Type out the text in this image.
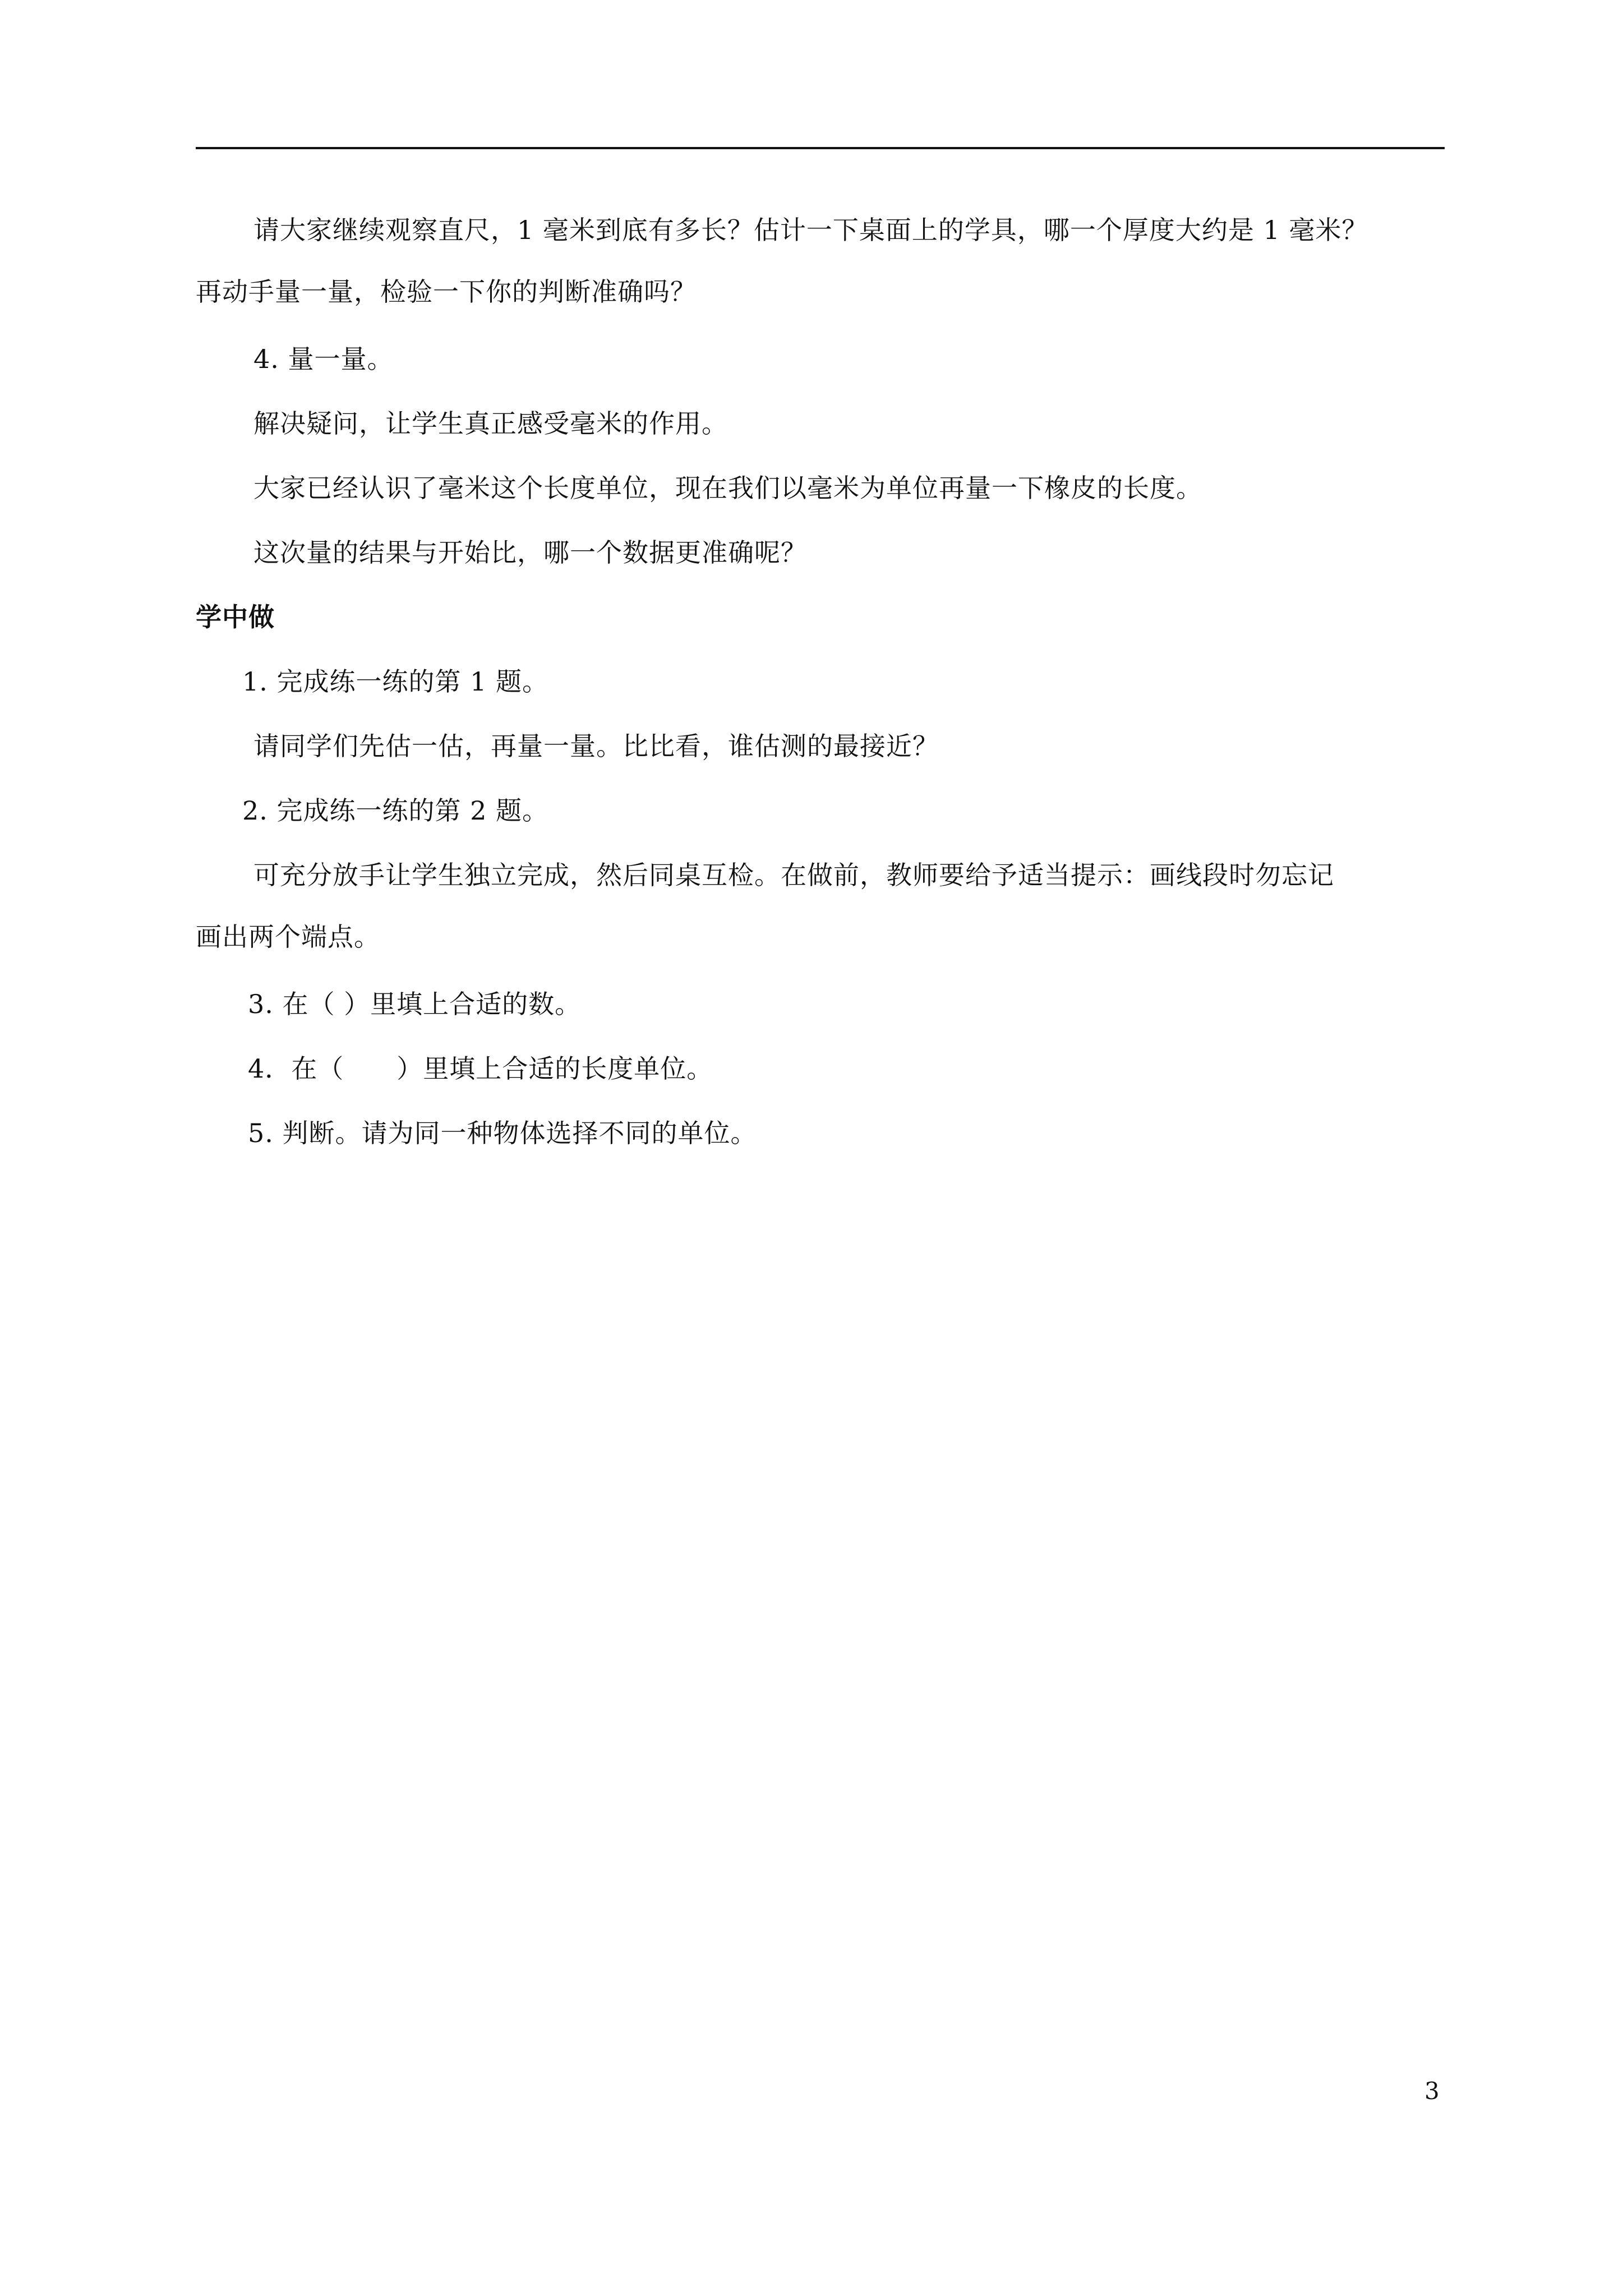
请大家继续观察直尺，1 毫米到底有多长？估计一下桌面上的学具，哪一个厚度大约是 1 毫米？
再动手量一量，检验一下你的判断准确吗？
4. 量一量。
解决疑问，让学生真正感受毫米的作用。
大家已经认识了毫米这个长度单位，现在我们以毫米为单位再量一下橡皮的长度。
这次量的结果与开始比，哪一个数据更准确呢？
学中做
1. 完成练一练的第 1 题。
请同学们先估一估，再量一量。比比看，谁估测的最接近？
2. 完成练一练的第 2 题。
可充分放手让学生独立完成，然后同桌互检。在做前，教师要给予适当提示：画线段时勿忘记
画出两个端点。
3. 在（ ）里填上合适的数。
4．在（　　）里填上合适的长度单位。
5. 判断。请为同一种物体选择不同的单位。
3
